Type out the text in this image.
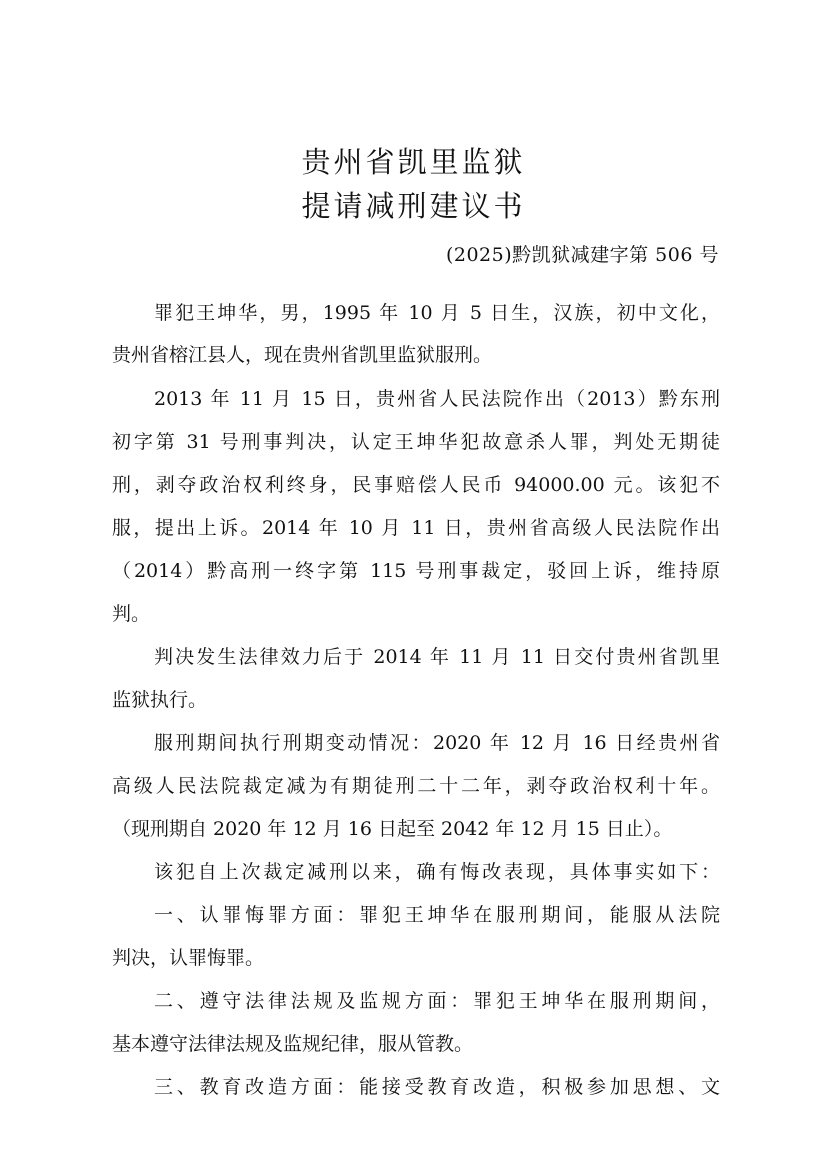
贵州省凯里监狱
提请减刑建议书
(2025)黔凯狱减建字第 506 号
罪犯王坤华，男，1995 年 10 月 5 日生，汉族，初中文化，
贵州省榕江县人，现在贵州省凯里监狱服刑。
2013 年 11 月 15 日，贵州省人民法院作出（2013）黔东刑
初字第 31 号刑事判决，认定王坤华犯故意杀人罪，判处无期徒
刑，剥夺政治权利终身，民事赔偿人民币 94000.00 元。该犯不
服，提出上诉。2014 年 10 月 11 日，贵州省高级人民法院作出
（2014）黔高刑一终字第 115 号刑事裁定，驳回上诉，维持原
判。
判决发生法律效力后于 2014 年 11 月 11 日交付贵州省凯里
监狱执行。
服刑期间执行刑期变动情况：2020 年 12 月 16 日经贵州省
高级人民法院裁定减为有期徒刑二十二年，剥夺政治权利十年。
（现刑期自 2020 年 12 月 16 日起至 2042 年 12 月 15 日止）。
该犯自上次裁定减刑以来，确有悔改表现，具体事实如下：
一、认罪悔罪方面：罪犯王坤华在服刑期间，能服从法院
判决，认罪悔罪。
二、遵守法律法规及监规方面：罪犯王坤华在服刑期间，
基本遵守法律法规及监规纪律，服从管教。
三、教育改造方面：能接受教育改造，积极参加思想、文
